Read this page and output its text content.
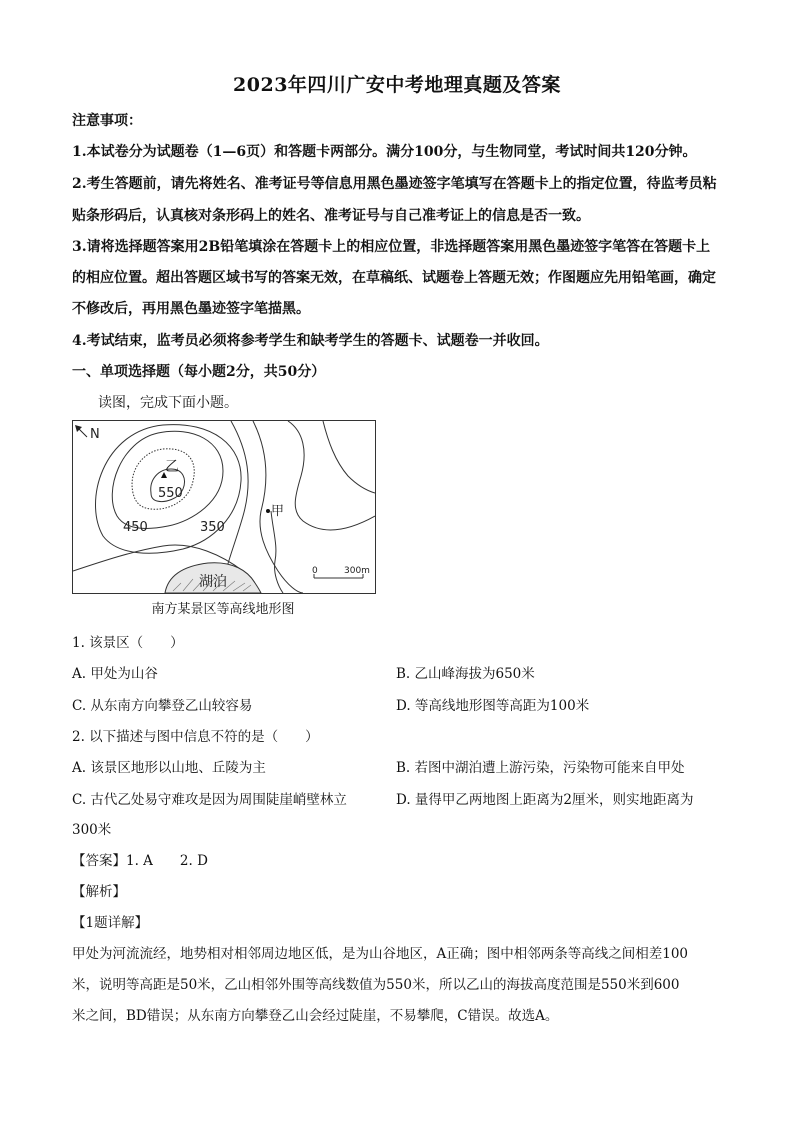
2023年四川广安中考地理真题及答案
注意事项：
1.本试卷分为试题卷（1—6页）和答题卡两部分。满分100分，与生物同堂，考试时间共120分钟。
2.考生答题前，请先将姓名、准考证号等信息用黑色墨迹签字笔填写在答题卡上的指定位置，待监考员粘
贴条形码后，认真核对条形码上的姓名、准考证号与自己准考证上的信息是否一致。
3.请将选择题答案用2B铅笔填涂在答题卡上的相应位置，非选择题答案用黑色墨迹签字笔答在答题卡上
的相应位置。超出答题区域书写的答案无效，在草稿纸、试题卷上答题无效；作图题应先用铅笔画，确定
不修改后，再用黑色墨迹签字笔描黑。
4.考试结束，监考员必须将参考学生和缺考学生的答题卡、试题卷一并收回。
一、单项选择题（每小题2分，共50分）
读图，完成下面小题。
N
乙
550
450	350
甲
湖泊
0	300m
南方某景区等高线地形图
1. 该景区（　　）
A. 甲处为山谷	B. 乙山峰海拔为650米
C. 从东南方向攀登乙山较容易	D. 等高线地形图等高距为100米
2. 以下描述与图中信息不符的是（　　）
A. 该景区地形以山地、丘陵为主	B. 若图中湖泊遭上游污染，污染物可能来自甲处
C. 古代乙处易守难攻是因为周围陡崖峭壁林立	D. 量得甲乙两地图上距离为2厘米，则实地距离为
300米
【答案】1. A　　2. D
【解析】
【1题详解】
甲处为河流流经，地势相对相邻周边地区低，是为山谷地区，A正确；图中相邻两条等高线之间相差100
米，说明等高距是50米，乙山相邻外围等高线数值为550米，所以乙山的海拔高度范围是550米到600
米之间，BD错误；从东南方向攀登乙山会经过陡崖，不易攀爬，C错误。故选A。
